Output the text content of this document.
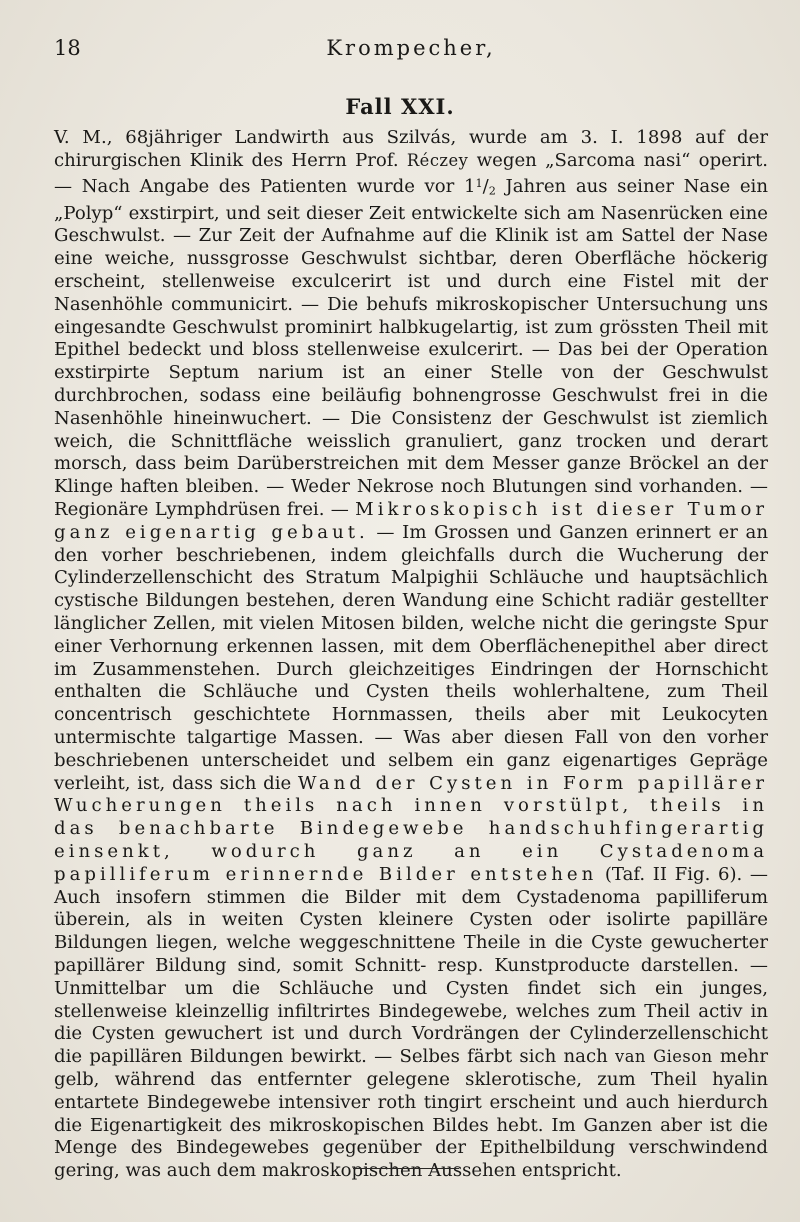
18	Krompecher,
Fall XXI.

V. M., 68jähriger Landwirth aus Szilvás, wurde am 3. I. 1898 auf der chirurgischen Klinik des Herrn Prof. Réczey wegen „Sarcoma nasi“ operirt. — Nach Angabe des Patienten wurde vor $1^1/_2$ Jahren aus seiner Nase ein „Polyp“ exstirpirt, und seit dieser Zeit entwickelte sich am Nasenrücken eine Geschwulst. — Zur Zeit der Aufnahme auf die Klinik ist am Sattel der Nase eine weiche, nussgrosse Geschwulst sichtbar, deren Oberfläche höckerig erscheint, stellenweise exculcerirt ist und durch eine Fistel mit der Nasenhöhle communicirt. — Die behufs mikroskopischer Untersuchung uns eingesandte Geschwulst prominirt halbkugelartig, ist zum grössten Theil mit Epithel bedeckt und bloss stellenweise exulcerirt. — Das bei der Operation exstirpirte Septum narium ist an einer Stelle von der Geschwulst durchbrochen, sodass eine beiläufig bohnengrosse Geschwulst frei in die Nasenhöhle hineinwuchert. — Die Consistenz der Geschwulst ist ziemlich weich, die Schnittfläche weisslich granuliert, ganz trocken und derart morsch, dass beim Darüberstreichen mit dem Messer ganze Bröckel an der Klinge haften bleiben. — Weder Nekrose noch Blutungen sind vorhanden. — Regionäre Lymphdrüsen frei. — Mikroskopisch ist dieser Tumor ganz eigenartig gebaut. — Im Grossen und Ganzen erinnert er an den vorher beschriebenen, indem gleichfalls durch die Wucherung der Cylinderzellenschicht des Stratum Malpighii Schläuche und hauptsächlich cystische Bildungen bestehen, deren Wandung eine Schicht radiär gestellter länglicher Zellen, mit vielen Mitosen bilden, welche nicht die geringste Spur einer Verhornung erkennen lassen, mit dem Oberflächenepithel aber direct im Zusammenstehen. Durch gleichzeitiges Eindringen der Hornschicht enthalten die Schläuche und Cysten theils wohlerhaltene, zum Theil concentrisch geschichtete Hornmassen, theils aber mit Leukocyten untermischte talgartige Massen. — Was aber diesen Fall von den vorher beschriebenen unterscheidet und selbem ein ganz eigenartiges Gepräge verleiht, ist, dass sich die Wand der Cysten in Form papillärer Wucherungen theils nach innen vorstülpt, theils in das benachbarte Bindegewebe handschuhfingerartig einsenkt, wodurch ganz an ein Cystadenoma papilliferum erinnernde Bilder entstehen (Taf. II Fig. 6). — Auch insofern stimmen die Bilder mit dem Cystadenoma papilliferum überein, als in weiten Cysten kleinere Cysten oder isolirte papilläre Bildungen liegen, welche weggeschnittene Theile in die Cyste gewucherter papillärer Bildung sind, somit Schnitt- resp. Kunstproducte darstellen. — Unmittelbar um die Schläuche und Cysten findet sich ein junges, stellenweise kleinzellig infiltrirtes Bindegewebe, welches zum Theil activ in die Cysten gewuchert ist und durch Vordrängen der Cylinderzellenschicht die papillären Bildungen bewirkt. — Selbes färbt sich nach van Gieson mehr gelb, während das entfernter gelegene sklerotische, zum Theil hyalin entartete Bindegewebe intensiver roth tingirt erscheint und auch hierdurch die Eigenartigkeit des mikroskopischen Bildes hebt. Im Ganzen aber ist die Menge des Bindegewebes gegenüber der Epithelbildung verschwindend gering, was auch dem makroskopischen Aussehen entspricht.
